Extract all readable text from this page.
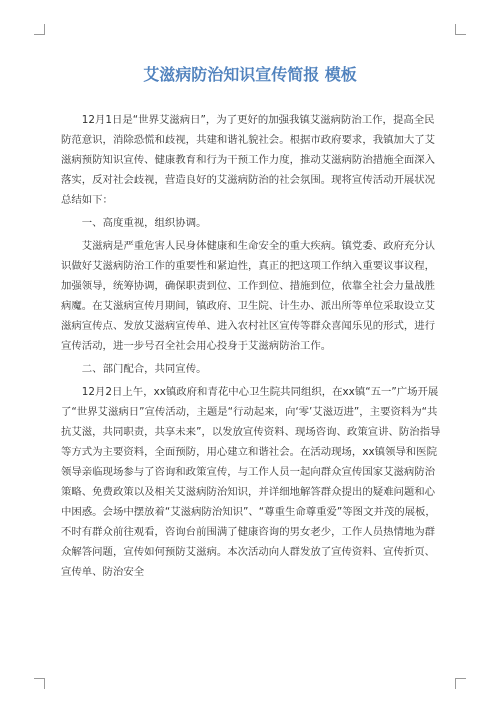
艾滋病防治知识宣传简报 模板

12月1日是“世界艾滋病日”，为了更好的加强我镇艾滋病防治工作，提高全民防范意识，消除恐慌和歧视，共建和谐礼貌社会。根据市政府要求，我镇加大了艾滋病预防知识宣传、健康教育和行为干预工作力度，推动艾滋病防治措施全面深入落实，反对社会歧视，营造良好的艾滋病防治的社会氛围。现将宣传活动开展状况总结如下：

一、高度重视，组织协调。

艾滋病是严重危害人民身体健康和生命安全的重大疾病。镇党委、政府充分认识做好艾滋病防治工作的重要性和紧迫性，真正的把这项工作纳入重要议事议程，加强领导，统筹协调，确保职责到位、工作到位、措施到位，依靠全社会力量战胜病魔。在艾滋病宣传月期间，镇政府、卫生院、计生办、派出所等单位采取设立艾滋病宣传点、发放艾滋病宣传单、进入农村社区宣传等群众喜闻乐见的形式，进行宣传活动，进一步号召全社会用心投身于艾滋病防治工作。

二、部门配合，共同宣传。

12月2日上午，xx镇政府和青花中心卫生院共同组织，在xx镇“五一”广场开展了“世界艾滋病日”宣传活动，主题是“行动起来，向‘零’艾滋迈进”，主要资料为“共抗艾滋，共同职责，共享未来”，以发放宣传资料、现场咨询、政策宣讲、防治指导等方式为主要资料，全面预防，用心建立和谐社会。在活动现场，xx镇领导和医院领导亲临现场参与了咨询和政策宣传，与工作人员一起向群众宣传国家艾滋病防治策略、免费政策以及相关艾滋病防治知识，并详细地解答群众提出的疑难问题和心中困惑。会场中摆放着“艾滋病防治知识”、“尊重生命尊重爱”等图文并茂的展板，不时有群众前往观看，咨询台前围满了健康咨询的男女老少，工作人员热情地为群众解答问题，宣传如何预防艾滋病。本次活动向人群发放了宣传资料、宣传折页、宣传单、防治安全
